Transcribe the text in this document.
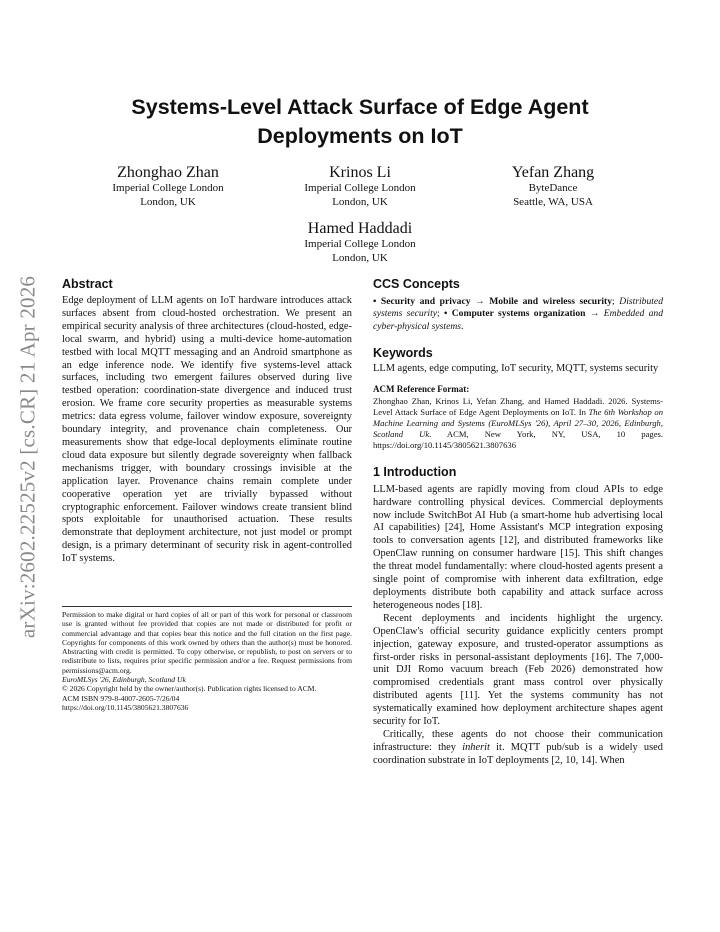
arXiv:2602.22525v2 [cs.CR] 21 Apr 2026
Systems-Level Attack Surface of Edge Agent
Deployments on IoT
Zhonghao Zhan
Imperial College London
London, UK
Krinos Li
Imperial College London
London, UK
Yefan Zhang
ByteDance
Seattle, WA, USA
Hamed Haddadi
Imperial College London
London, UK
Abstract

Edge deployment of LLM agents on IoT hardware introduces attack surfaces absent from cloud-hosted orchestration. We present an empirical security analysis of three architectures (cloud-hosted, edge-local swarm, and hybrid) using a multi-device home-automation testbed with local MQTT messaging and an Android smartphone as an edge inference node. We identify five systems-level attack surfaces, including two emergent failures observed during live testbed operation: coordination-state divergence and induced trust erosion. We frame core security properties as measurable systems metrics: data egress volume, failover window exposure, sovereignty boundary integrity, and provenance chain completeness. Our measurements show that edge-local deployments eliminate routine cloud data exposure but silently degrade sovereignty when fallback mechanisms trigger, with boundary crossings invisible at the application layer. Provenance chains remain complete under cooperative operation yet are trivially bypassed without cryptographic enforcement. Failover windows create transient blind spots exploitable for unauthorised actuation. These results demonstrate that deployment architecture, not just model or prompt design, is a primary determinant of security risk in agent-controlled IoT systems.

Permission to make digital or hard copies of all or part of this work for personal or classroom use is granted without fee provided that copies are not made or distributed for profit or commercial advantage and that copies bear this notice and the full citation on the first page. Copyrights for components of this work owned by others than the author(s) must be honored. Abstracting with credit is permitted. To copy otherwise, or republish, to post on servers or to redistribute to lists, requires prior specific permission and/or a fee. Request permissions from permissions@acm.org.

EuroMLSys '26, Edinburgh, Scotland Uk

© 2026 Copyright held by the owner/author(s). Publication rights licensed to ACM.

ACM ISBN 979-8-4007-2605-7/26/04

https://doi.org/10.1145/3805621.3807636

CCS Concepts

• Security and privacy → Mobile and wireless security; Distributed systems security; • Computer systems organization → Embedded and cyber-physical systems.

Keywords

LLM agents, edge computing, IoT security, MQTT, systems security

ACM Reference Format:

Zhonghao Zhan, Krinos Li, Yefan Zhang, and Hamed Haddadi. 2026. Systems-Level Attack Surface of Edge Agent Deployments on IoT. In The 6th Workshop on Machine Learning and Systems (EuroMLSys '26), April 27–30, 2026, Edinburgh, Scotland Uk. ACM, New York, NY, USA, 10 pages. https://doi.org/10.1145/3805621.3807636

1 Introduction

LLM-based agents are rapidly moving from cloud APIs to edge hardware controlling physical devices. Commercial deployments now include SwitchBot AI Hub (a smart-home hub advertising local AI capabilities) [24], Home Assistant's MCP integration exposing tools to conversation agents [12], and distributed frameworks like OpenClaw running on consumer hardware [15]. This shift changes the threat model fundamentally: where cloud-hosted agents present a single point of compromise with inherent data exfiltration, edge deployments distribute both capability and attack surface across heterogeneous nodes [18].

Recent deployments and incidents highlight the urgency. OpenClaw's official security guidance explicitly centers prompt injection, gateway exposure, and trusted-operator assumptions as first-order risks in personal-assistant deployments [16]. The 7,000-unit DJI Romo vacuum breach (Feb 2026) demonstrated how compromised credentials grant mass control over physically distributed agents [11]. Yet the systems community has not systematically examined how deployment architecture shapes agent security for IoT.

Critically, these agents do not choose their communication infrastructure: they inherit it. MQTT pub/sub is a widely used coordination substrate in IoT deployments [2, 10, 14]. When
